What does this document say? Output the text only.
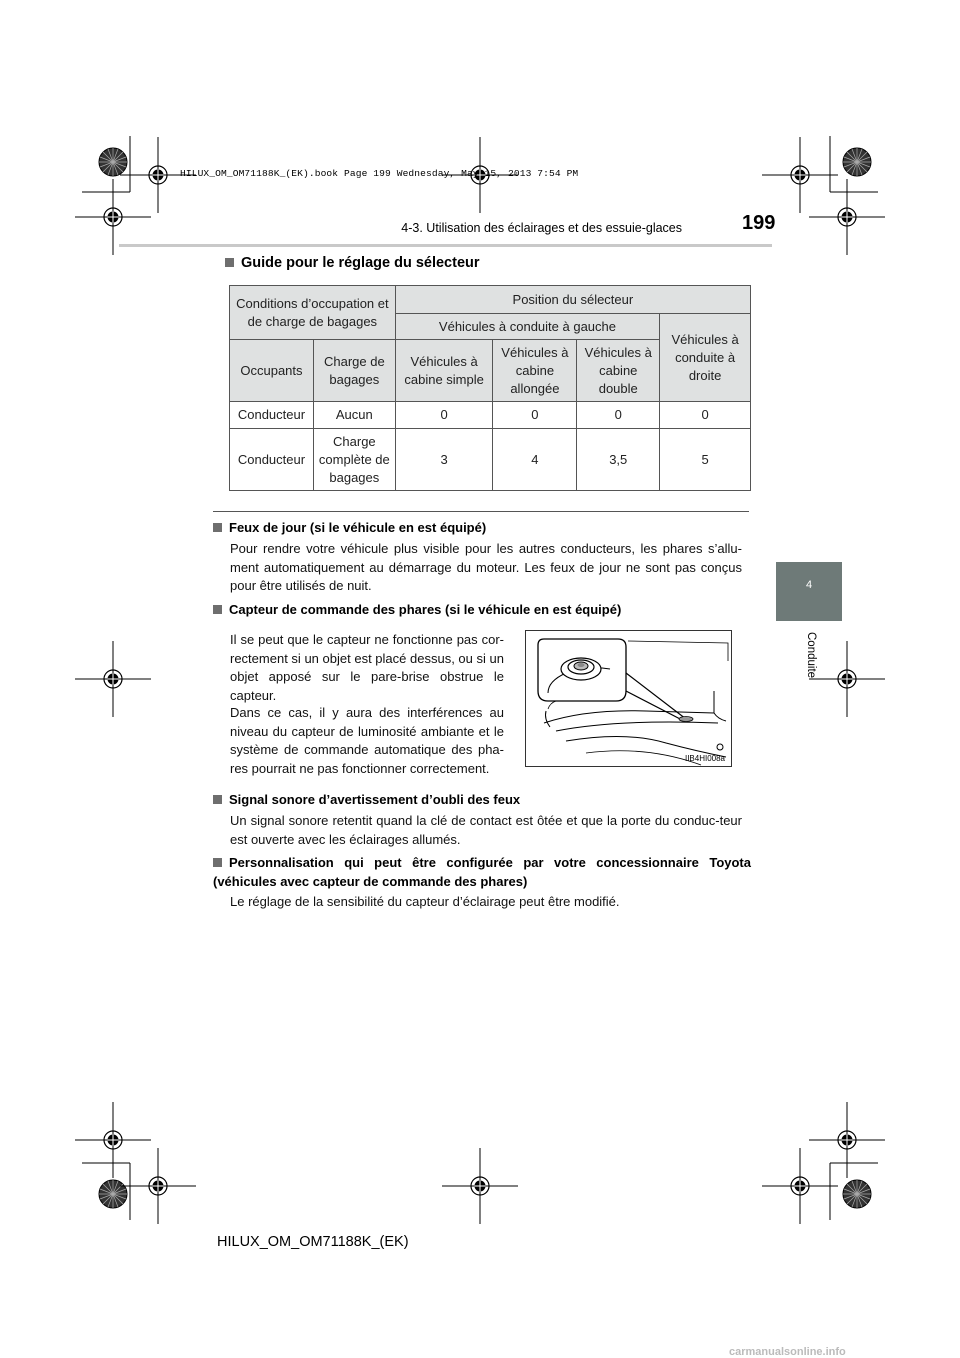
HILUX_OM_OM71188K_(EK).book Page 199 Wednesday, May 15, 2013 7:54 PM
4-3. Utilisation des éclairages et des essuie-glaces	199
4
Conduite
Guide pour le réglage du sélecteur
Conditions d’occupation et de charge de bagages		Position du sélecteur			
		Véhicules à conduite à gauche			Véhicules à conduite à droite
Occupants	Charge de bagages	Véhicules à cabine simple	Véhicules à cabine allongée	Véhicules à cabine double	
Conducteur	Aucun	0	0	0	0
Conducteur	Charge complète de bagages	3	4	3,5	5
Feux de jour (si le véhicule en est équipé)
Pour rendre votre véhicule plus visible pour les autres conducteurs, les phares s’allu-ment automatiquement au démarrage du moteur. Les feux de jour ne sont pas conçus pour être utilisés de nuit.
Capteur de commande des phares (si le véhicule en est équipé)
Il se peut que le capteur ne fonctionne pas cor-rectement si un objet est placé dessus, ou si un objet apposé sur le pare-brise obstrue le capteur.
Dans ce cas, il y aura des interférences au niveau du capteur de luminosité ambiante et le système de commande automatique des pha-res pourrait ne pas fonctionner correctement.
IIB4HI008a
Signal sonore d’avertissement d’oubli des feux
Un signal sonore retentit quand la clé de contact est ôtée et que la porte du conduc-teur est ouverte avec les éclairages allumés.
Personnalisation qui peut être configurée par votre concessionnaire Toyota (véhicules avec capteur de commande des phares)
Le réglage de la sensibilité du capteur d’éclairage peut être modifié.
HILUX_OM_OM71188K_(EK)
carmanualsonline.info
